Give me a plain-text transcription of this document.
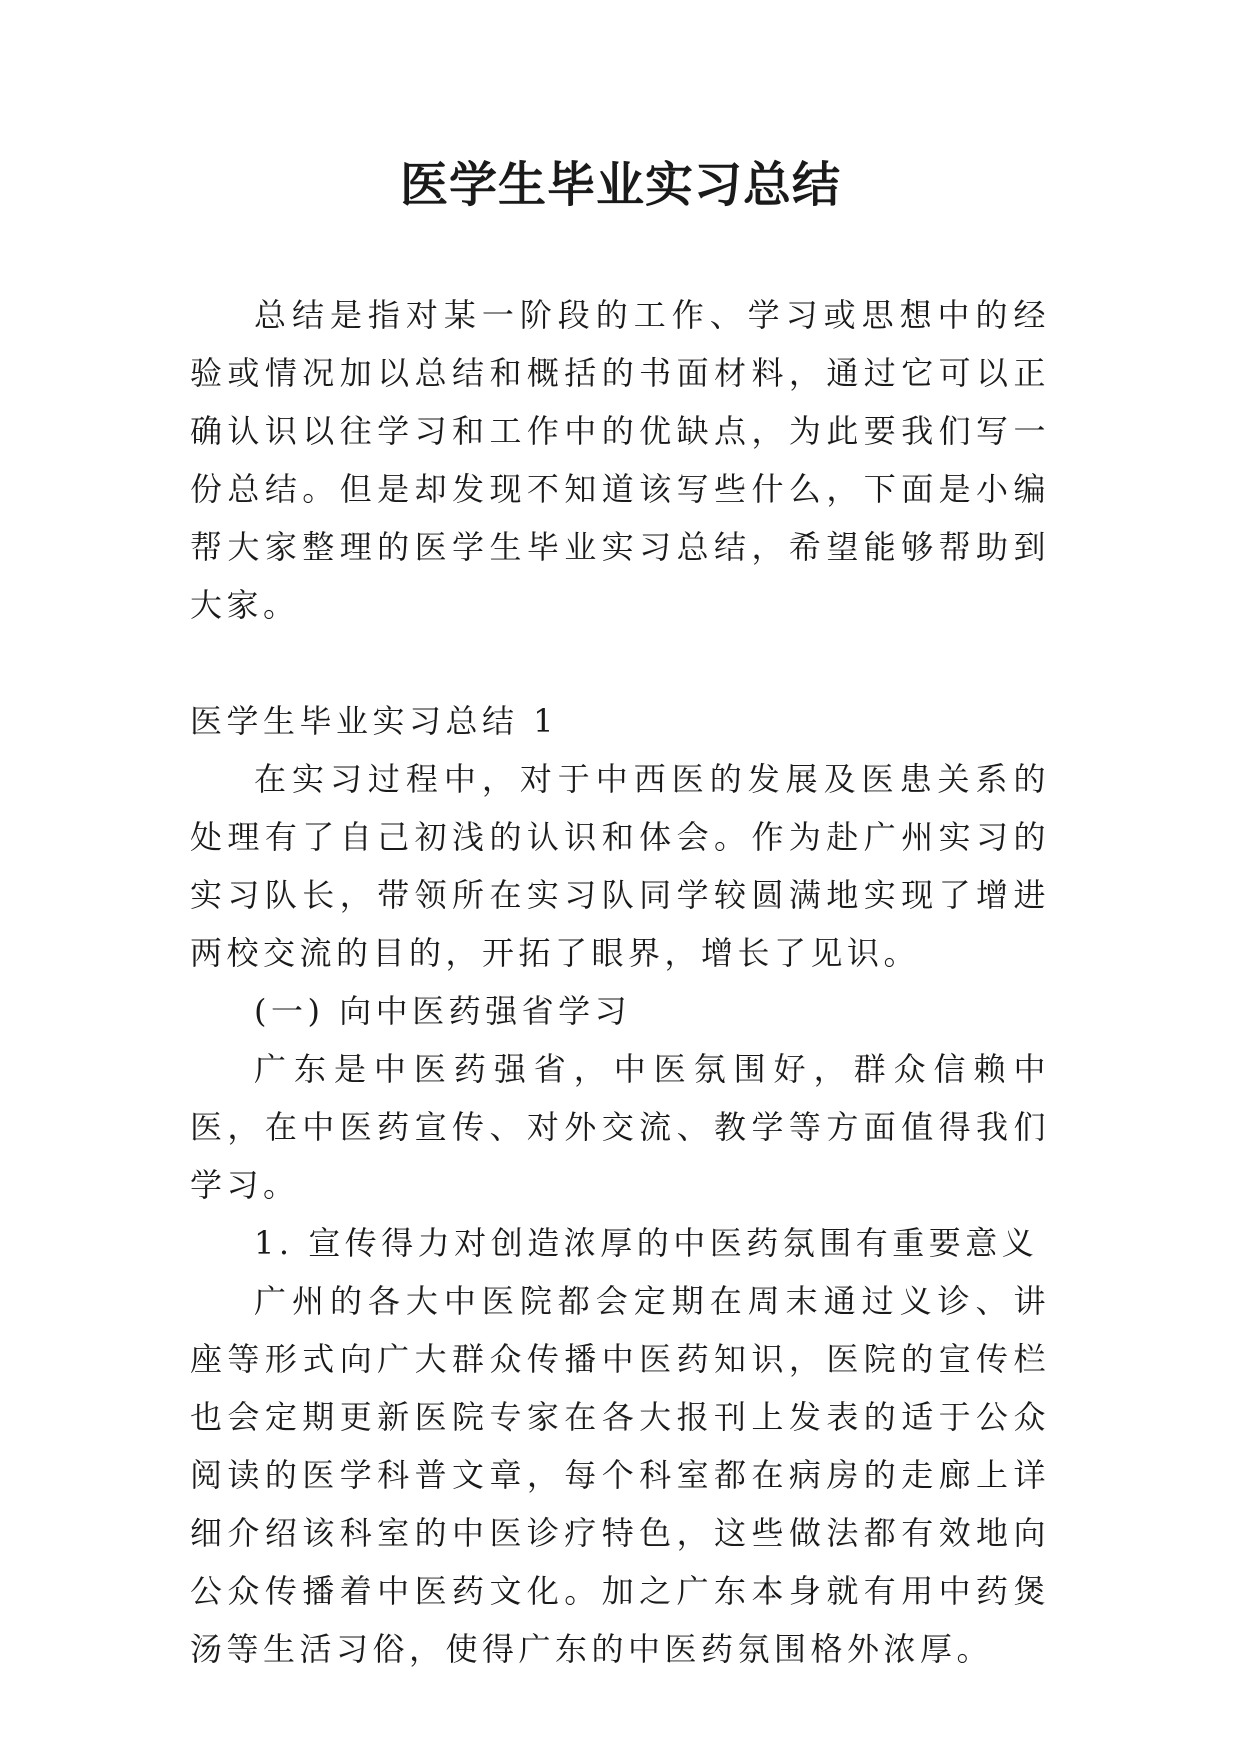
医学生毕业实习总结

总结是指对某一阶段的工作、学习或思想中的经验或情况加以总结和概括的书面材料，通过它可以正确认识以往学习和工作中的优缺点，为此要我们写一份总结。但是却发现不知道该写些什么，下面是小编帮大家整理的医学生毕业实习总结，希望能够帮助到大家。

医学生毕业实习总结 1

在实习过程中，对于中西医的发展及医患关系的处理有了自己初浅的认识和体会。作为赴广州实习的实习队长，带领所在实习队同学较圆满地实现了增进两校交流的目的，开拓了眼界，增长了见识。

(一) 向中医药强省学习

广东是中医药强省，中医氛围好，群众信赖中医，在中医药宣传、对外交流、教学等方面值得我们学习。

1. 宣传得力对创造浓厚的中医药氛围有重要意义

广州的各大中医院都会定期在周末通过义诊、讲座等形式向广大群众传播中医药知识，医院的宣传栏也会定期更新医院专家在各大报刊上发表的适于公众阅读的医学科普文章，每个科室都在病房的走廊上详细介绍该科室的中医诊疗特色，这些做法都有效地向公众传播着中医药文化。加之广东本身就有用中药煲汤等生活习俗，使得广东的中医药氛围格外浓厚。
